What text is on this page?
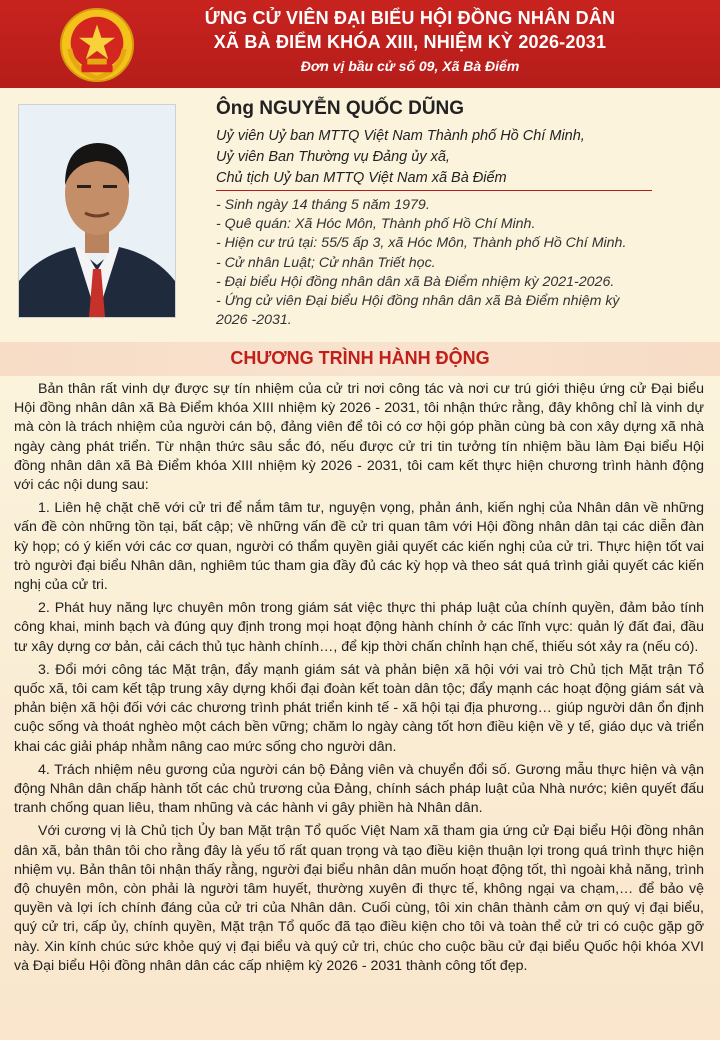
ỨNG CỬ VIÊN ĐẠI BIỂU HỘI ĐỒNG NHÂN DÂN
XÃ BÀ ĐIỂM KHÓA XIII, NHIỆM KỲ 2026-2031
Đơn vị bầu cử số 09, Xã Bà Điểm
Ông NGUYỄN QUỐC DŨNG
Uỷ viên Uỷ ban MTTQ Việt Nam Thành phố Hồ Chí Minh,
Uỷ viên Ban Thường vụ Đảng ủy xã,
Chủ tịch Uỷ ban MTTQ Việt Nam xã Bà Điểm
- Sinh ngày 14 tháng 5 năm 1979.
- Quê quán: Xã Hóc Môn, Thành phố Hồ Chí Minh.
- Hiện cư trú tại: 55/5 ấp 3, xã Hóc Môn, Thành phố Hồ Chí Minh.
- Cử nhân Luật; Cử nhân Triết học.
- Đại biểu Hội đồng nhân dân xã Bà Điểm nhiệm kỳ 2021-2026.
- Ứng cử viên Đại biểu Hội đồng nhân dân xã Bà Điểm nhiệm kỳ
2026 -2031.
CHƯƠNG TRÌNH HÀNH ĐỘNG

Bản thân rất vinh dự được sự tín nhiệm của cử tri nơi công tác và nơi cư trú giới thiệu ứng cử Đại biểu Hội đồng nhân dân xã Bà Điểm khóa XIII nhiệm kỳ 2026 - 2031, tôi nhận thức rằng, đây không chỉ là vinh dự mà còn là trách nhiệm của người cán bộ, đảng viên để tôi có cơ hội góp phần cùng bà con xây dựng xã nhà ngày càng phát triển. Từ nhận thức sâu sắc đó, nếu được cử tri tin tưởng tín nhiệm bầu làm Đại biểu Hội đồng nhân dân xã Bà Điểm khóa XIII nhiệm kỳ 2026 - 2031, tôi cam kết thực hiện chương trình hành động với các nội dung sau:

1. Liên hệ chặt chẽ với cử tri để nắm tâm tư, nguyện vọng, phản ánh, kiến nghị của Nhân dân về những vấn đề còn những tồn tại, bất cập; về những vấn đề cử tri quan tâm với Hội đồng nhân dân tại các diễn đàn kỳ họp; có ý kiến với các cơ quan, người có thẩm quyền giải quyết các kiến nghị của cử tri. Thực hiện tốt vai trò người đại biểu Nhân dân, nghiêm túc tham gia đầy đủ các kỳ họp và theo sát quá trình giải quyết các kiến nghị của cử tri.

2. Phát huy năng lực chuyên môn trong giám sát việc thực thi pháp luật của chính quyền, đảm bảo tính công khai, minh bạch và đúng quy định trong mọi hoạt động hành chính ở các lĩnh vực: quản lý đất đai, đầu tư xây dựng cơ bản, cải cách thủ tục hành chính…, để kịp thời chấn chỉnh hạn chế, thiếu sót xảy ra (nếu có).

3. Đổi mới công tác Mặt trận, đẩy mạnh giám sát và phản biện xã hội với vai trò Chủ tịch Mặt trận Tổ quốc xã, tôi cam kết tập trung xây dựng khối đại đoàn kết toàn dân tộc; đẩy mạnh các hoạt động giám sát và phản biện xã hội đối với các chương trình phát triển kinh tế - xã hội tại địa phương… giúp người dân ổn định cuộc sống và thoát nghèo một cách bền vững; chăm lo ngày càng tốt hơn điều kiện về y tế, giáo dục và triển khai các giải pháp nhằm nâng cao mức sống cho người dân.

4. Trách nhiệm nêu gương của người cán bộ Đảng viên và chuyển đổi số. Gương mẫu thực hiện và vận động Nhân dân chấp hành tốt các chủ trương của Đảng, chính sách pháp luật của Nhà nước; kiên quyết đấu tranh chống quan liêu, tham nhũng và các hành vi gây phiền hà Nhân dân.

Với cương vị là Chủ tịch Ủy ban Mặt trận Tổ quốc Việt Nam xã tham gia ứng cử Đại biểu Hội đồng nhân dân xã, bản thân tôi cho rằng đây là yếu tố rất quan trọng và tạo điều kiện thuận lợi trong quá trình thực hiện nhiệm vụ. Bản thân tôi nhận thấy rằng, người đại biểu nhân dân muốn hoạt động tốt, thì ngoài khả năng, trình độ chuyên môn, còn phải là người tâm huyết, thường xuyên đi thực tế, không ngại va chạm,… để bảo vệ quyền và lợi ích chính đáng của cử tri của Nhân dân. Cuối cùng, tôi xin chân thành cảm ơn quý vị đại biểu, quý cử tri, cấp ủy, chính quyền, Mặt trận Tổ quốc đã tạo điều kiện cho tôi và toàn thể cử tri có cuộc gặp gỡ này. Xin kính chúc sức khỏe quý vị đại biểu và quý cử tri, chúc cho cuộc bầu cử đại biểu Quốc hội khóa XVI và Đại biểu Hội đồng nhân dân các cấp nhiệm kỳ 2026 - 2031 thành công tốt đẹp.
